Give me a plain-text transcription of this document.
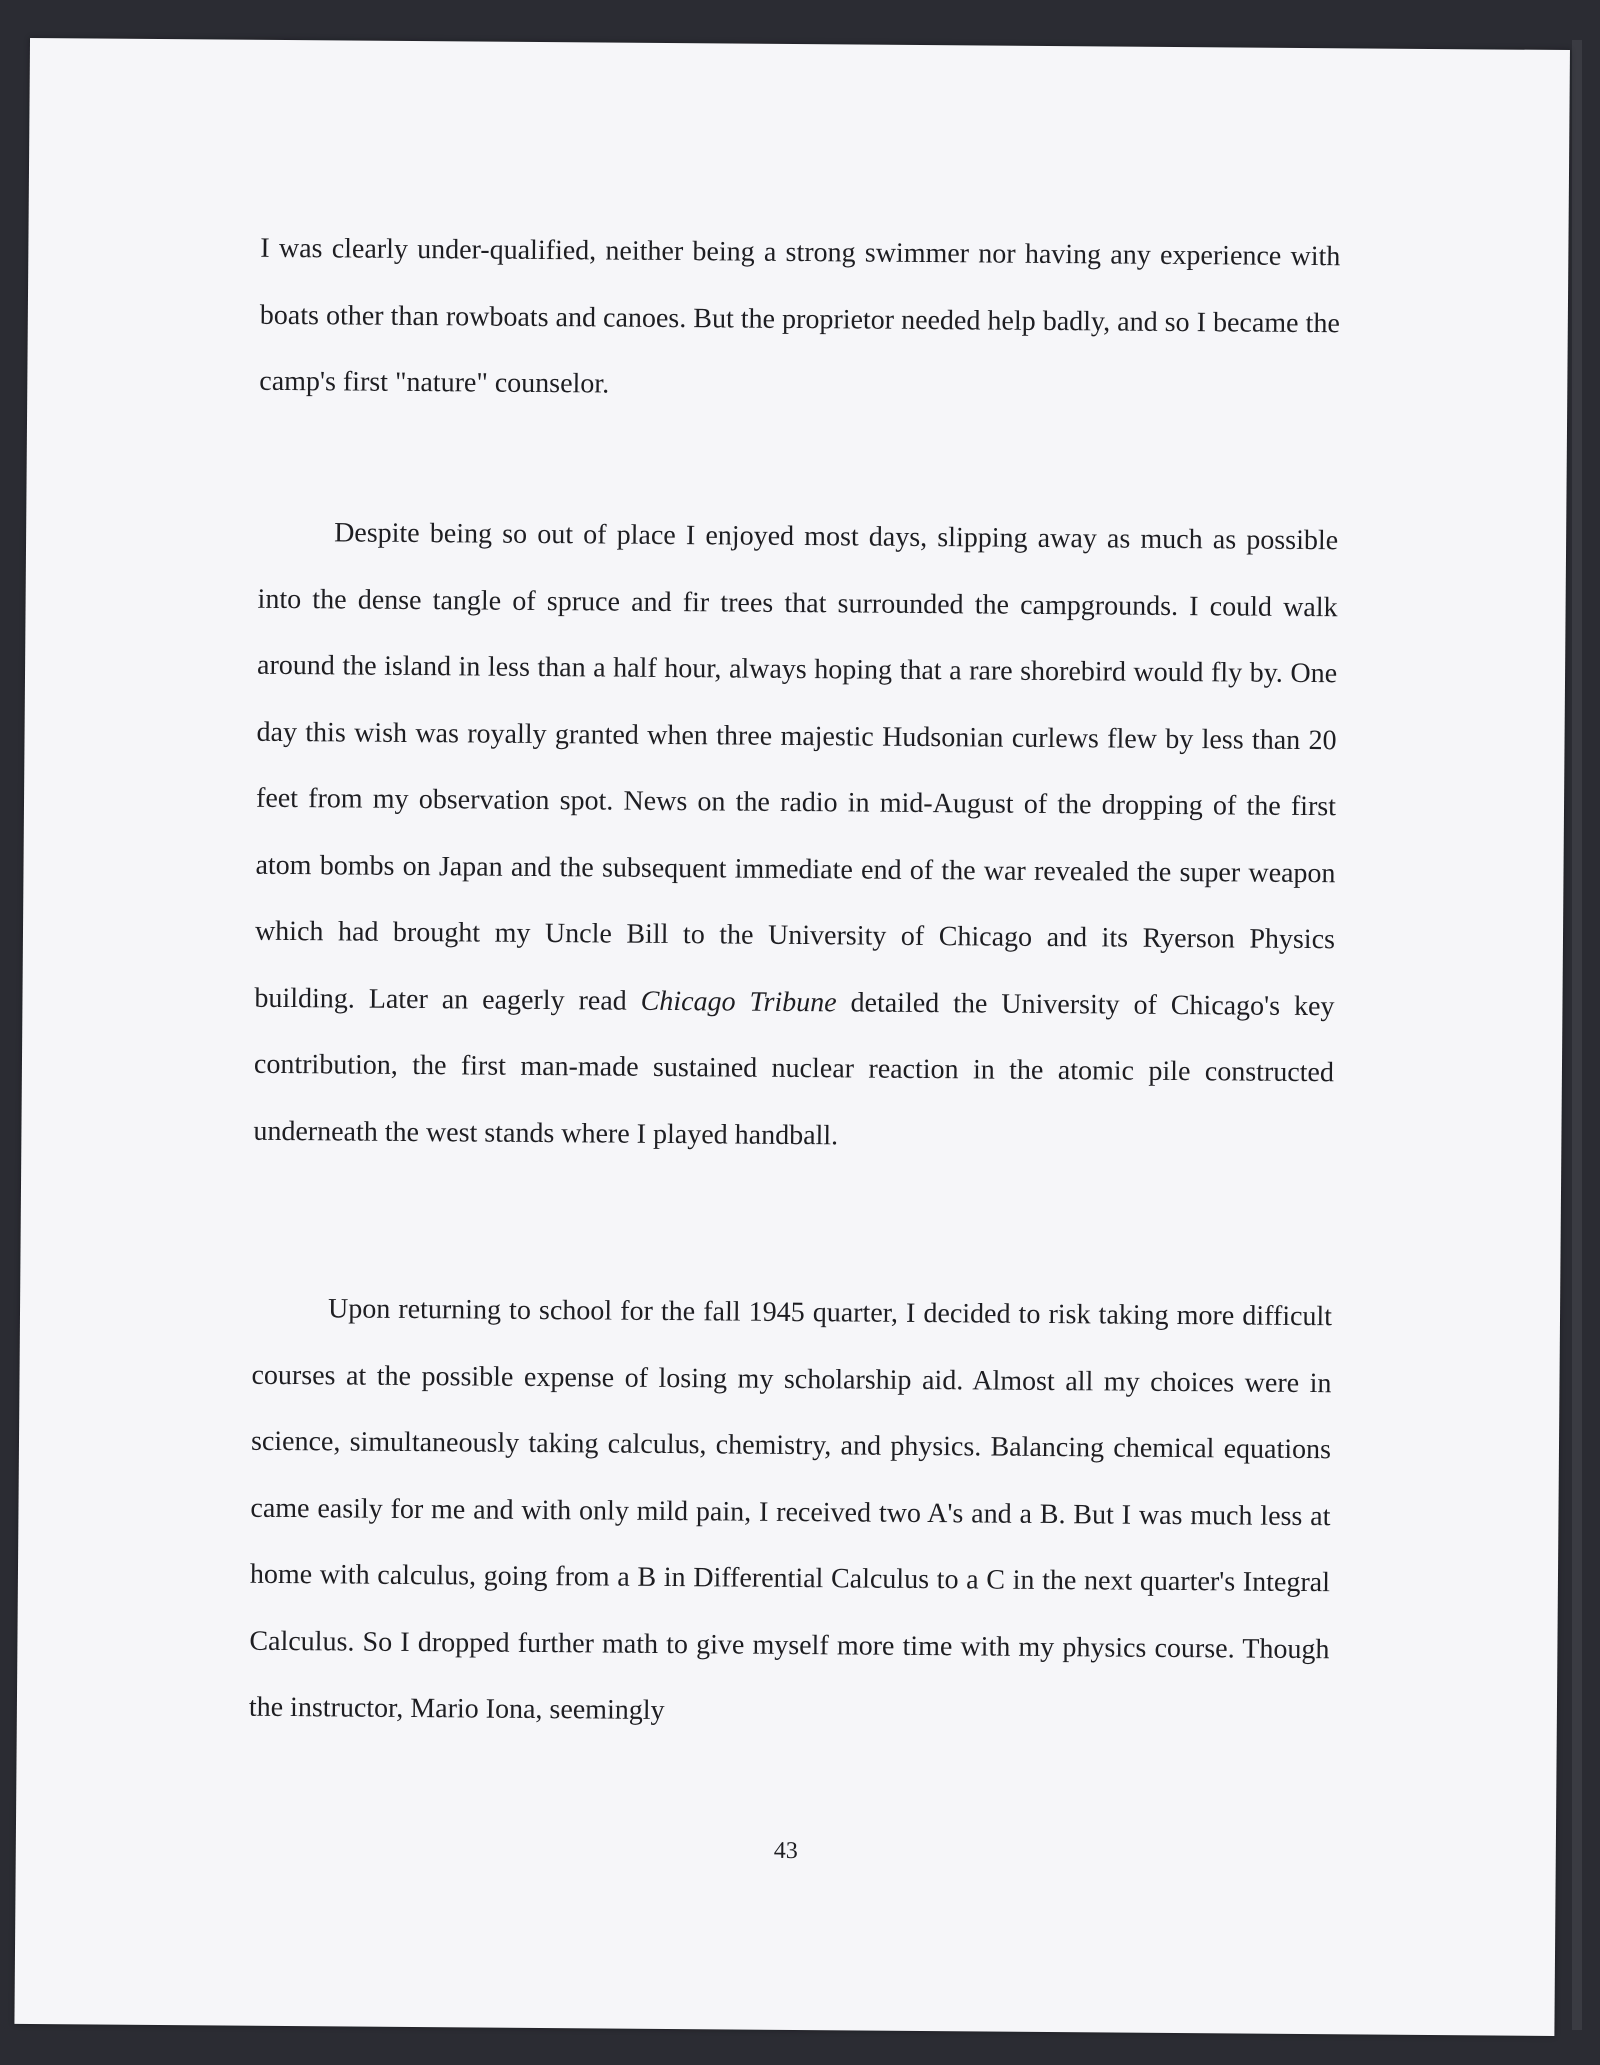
I was clearly under-qualified, neither being a strong swimmer nor having any experience with boats other than rowboats and canoes. But the proprietor needed help badly, and so I became the camp's first "nature" counselor.

Despite being so out of place I enjoyed most days, slipping away as much as possible into the dense tangle of spruce and fir trees that surrounded the campgrounds. I could walk around the island in less than a half hour, always hoping that a rare shorebird would fly by. One day this wish was royally granted when three majestic Hudsonian curlews flew by less than 20 feet from my observation spot. News on the radio in mid-August of the dropping of the first atom bombs on Japan and the subsequent immediate end of the war revealed the super weapon which had brought my Uncle Bill to the University of Chicago and its Ryerson Physics building. Later an eagerly read Chicago Tribune detailed the University of Chicago's key contribution, the first man-made sustained nuclear reaction in the atomic pile constructed underneath the west stands where I played handball.

Upon returning to school for the fall 1945 quarter, I decided to risk taking more difficult courses at the possible expense of losing my scholarship aid. Almost all my choices were in science, simultaneously taking calculus, chemistry, and physics. Balancing chemical equations came easily for me and with only mild pain, I received two A's and a B. But I was much less at home with calculus, going from a B in Differential Calculus to a C in the next quarter's Integral Calculus. So I dropped further math to give myself more time with my physics course. Though the instructor, Mario Iona, seemingly

43
